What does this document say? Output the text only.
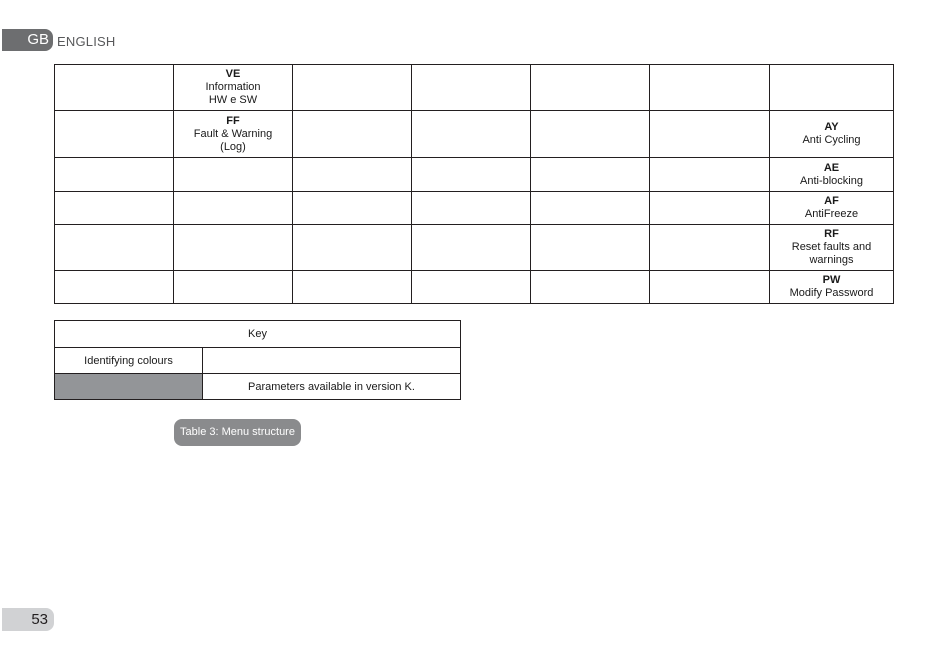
GB ENGLISH

	VE
Information
HW e SW					

	FF
Fault & Warning
(Log)					AY
Anti Cycling

						AE
Anti-blocking

						AF
AntiFreeze

						RF
Reset faults and
warnings

						PW
Modify Password
Key	
Identifying colours	
	Parameters available in version K.
Table 3: Menu structure
53
